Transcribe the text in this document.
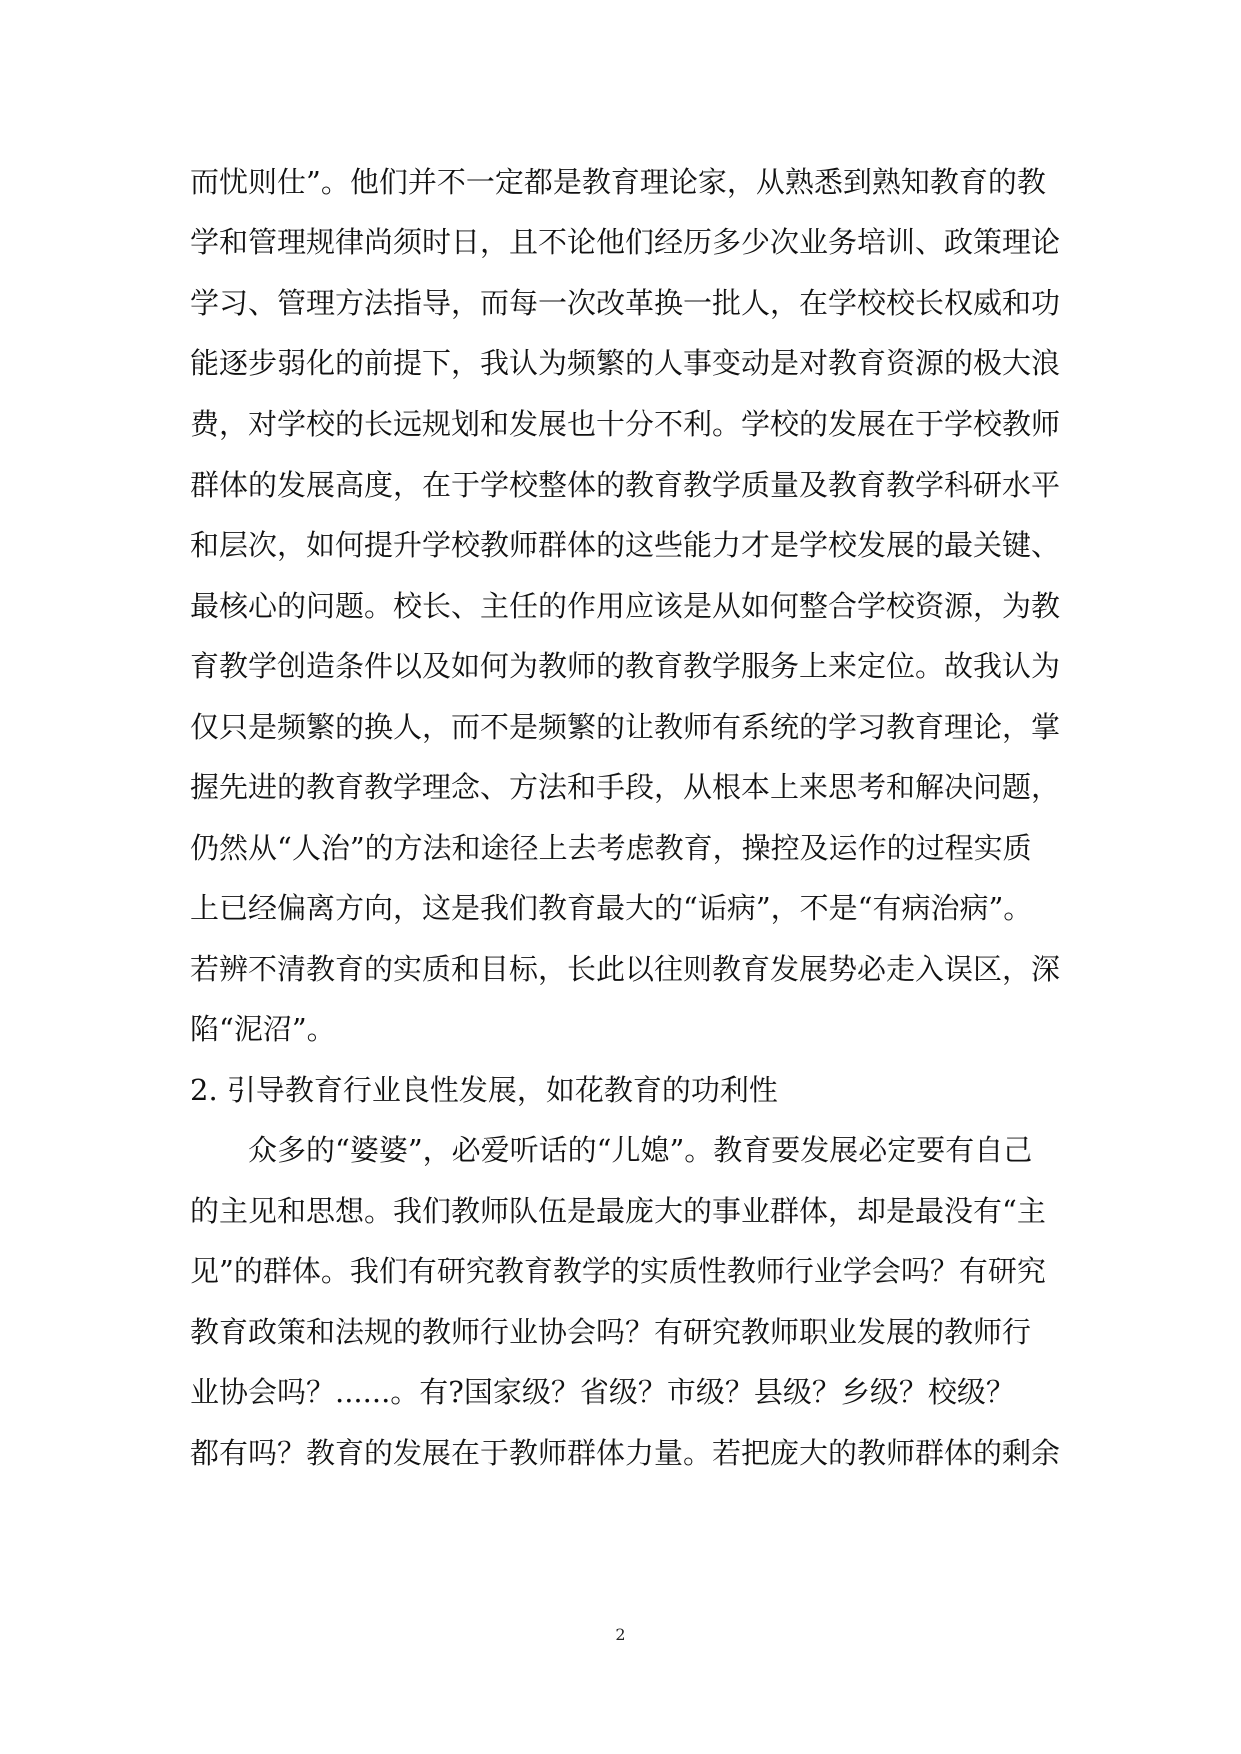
而忧则仕”。他们并不一定都是教育理论家，从熟悉到熟知教育的教
学和管理规律尚须时日，且不论他们经历多少次业务培训、政策理论
学习、管理方法指导，而每一次改革换一批人，在学校校长权威和功
能逐步弱化的前提下，我认为频繁的人事变动是对教育资源的极大浪
费，对学校的长远规划和发展也十分不利。学校的发展在于学校教师
群体的发展高度，在于学校整体的教育教学质量及教育教学科研水平
和层次，如何提升学校教师群体的这些能力才是学校发展的最关键、
最核心的问题。校长、主任的作用应该是从如何整合学校资源，为教
育教学创造条件以及如何为教师的教育教学服务上来定位。故我认为
仅只是频繁的换人，而不是频繁的让教师有系统的学习教育理论，掌
握先进的教育教学理念、方法和手段，从根本上来思考和解决问题，
仍然从“人治”的方法和途径上去考虑教育，操控及运作的过程实质
上已经偏离方向，这是我们教育最大的“诟病”，不是“有病治病”。
若辨不清教育的实质和目标，长此以往则教育发展势必走入误区，深
陷“泥沼”。
2. 引导教育行业良性发展，如花教育的功利性
众多的“婆婆”，必爱听话的“儿媳”。教育要发展必定要有自己
的主见和思想。我们教师队伍是最庞大的事业群体，却是最没有“主
见”的群体。我们有研究教育教学的实质性教师行业学会吗？有研究
教育政策和法规的教师行业协会吗？有研究教师职业发展的教师行
业协会吗？......。有?国家级？省级？市级？县级？乡级？校级？
都有吗？教育的发展在于教师群体力量。若把庞大的教师群体的剩余
2
